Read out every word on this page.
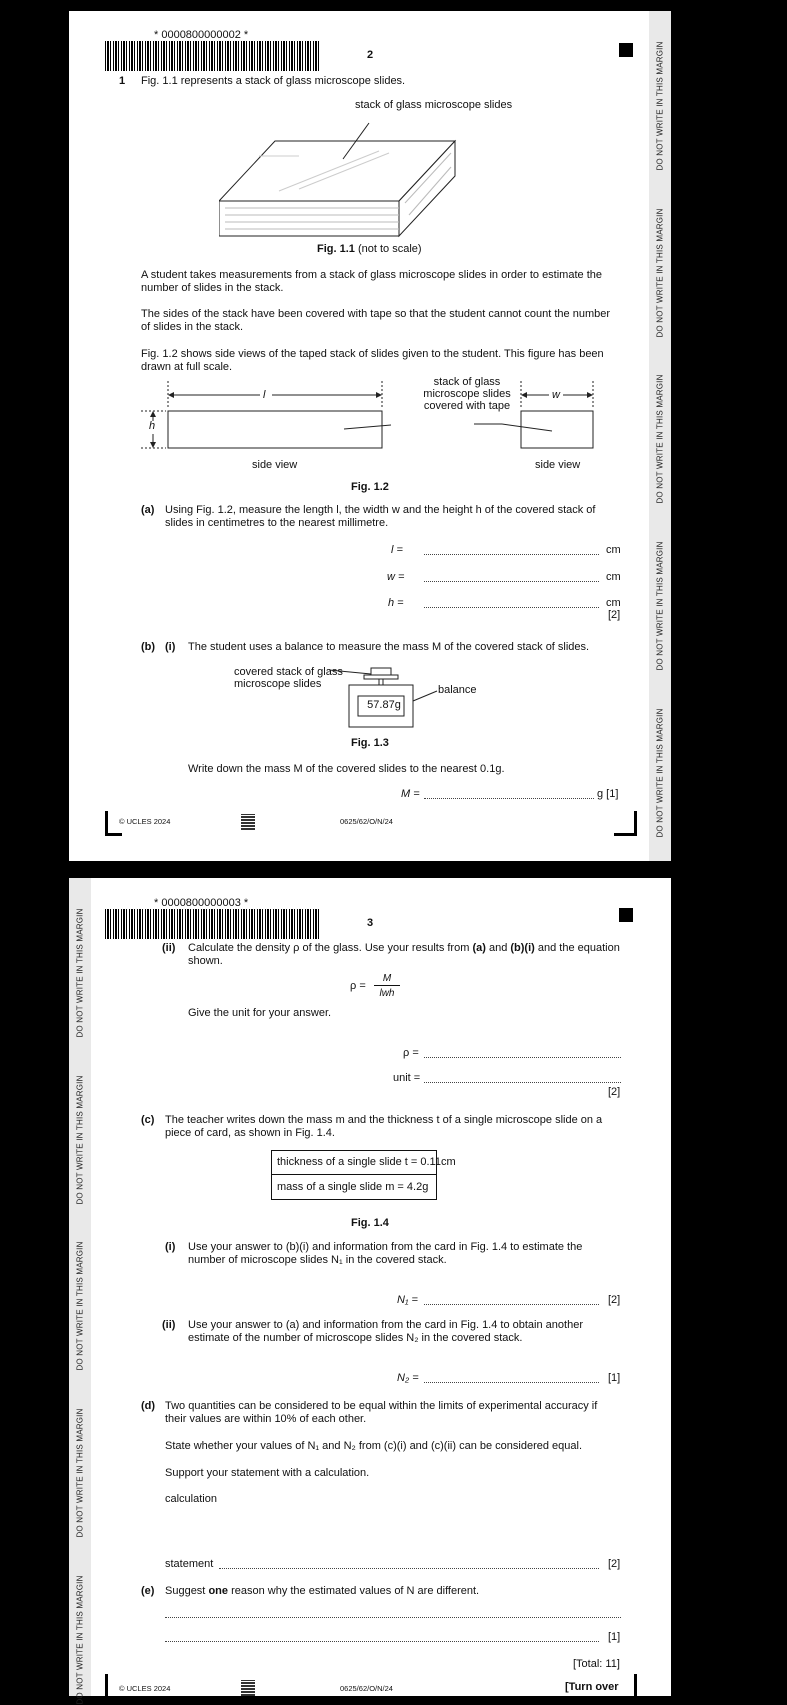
DO NOT WRITE IN THIS MARGIN
DO NOT WRITE IN THIS MARGIN
DO NOT WRITE IN THIS MARGIN
DO NOT WRITE IN THIS MARGIN
DO NOT WRITE IN THIS MARGIN
* 0000800000002 *
2
1 Fig. 1.1 represents a stack of glass microscope slides.
stack of glass microscope slides
Fig. 1.1 (not to scale)
A student takes measurements from a stack of glass microscope slides in order to estimate the number of slides in the stack.
The sides of the stack have been covered with tape so that the student cannot count the number of slides in the stack.
Fig. 1.2 shows side views of the taped stack of slides given to the student. This figure has been drawn at full scale.
l
h
w
stack of glass
microscope slides
covered with tape
side view	side view
Fig. 1.2
(a) Using Fig. 1.2, measure the length l, the width w and the height h of the covered stack of slides in centimetres to the nearest millimetre.
l =	cm
w =	cm
h =	cm
[2]
(b) (i) The student uses a balance to measure the mass M of the covered stack of slides.
covered stack of glass
microscope slides
57.87g
balance
Fig. 1.3
Write down the mass M of the covered slides to the nearest 0.1g.
M =	g [1]
© UCLES 2024	0625/62/O/N/24
DO NOT WRITE IN THIS MARGIN
DO NOT WRITE IN THIS MARGIN
DO NOT WRITE IN THIS MARGIN
DO NOT WRITE IN THIS MARGIN
DO NOT WRITE IN THIS MARGIN
* 0000800000003 *
3
(ii) Calculate the density ρ of the glass. Use your results from (a) and (b)(i) and the equation shown.
ρ =
M
lwh
Give the unit for your answer.
ρ =
unit =
[2]
(c) The teacher writes down the mass m and the thickness t of a single microscope slide on a piece of card, as shown in Fig. 1.4.
thickness of a single slide t = 0.11cm
mass of a single slide m = 4.2g
Fig. 1.4
(i) Use your answer to (b)(i) and information from the card in Fig. 1.4 to estimate the number of microscope slides N₁ in the covered stack.
N₁ =	[2]
(ii) Use your answer to (a) and information from the card in Fig. 1.4 to obtain another estimate of the number of microscope slides N₂ in the covered stack.
N₂ =	[1]
(d) Two quantities can be considered to be equal within the limits of experimental accuracy if their values are within 10% of each other.
State whether your values of N₁ and N₂ from (c)(i) and (c)(ii) can be considered equal.
Support your statement with a calculation.
calculation
statement	[2]
(e) Suggest one reason why the estimated values of N are different.
[1]
[Total: 11]
© UCLES 2024	0625/62/O/N/24	[Turn over
